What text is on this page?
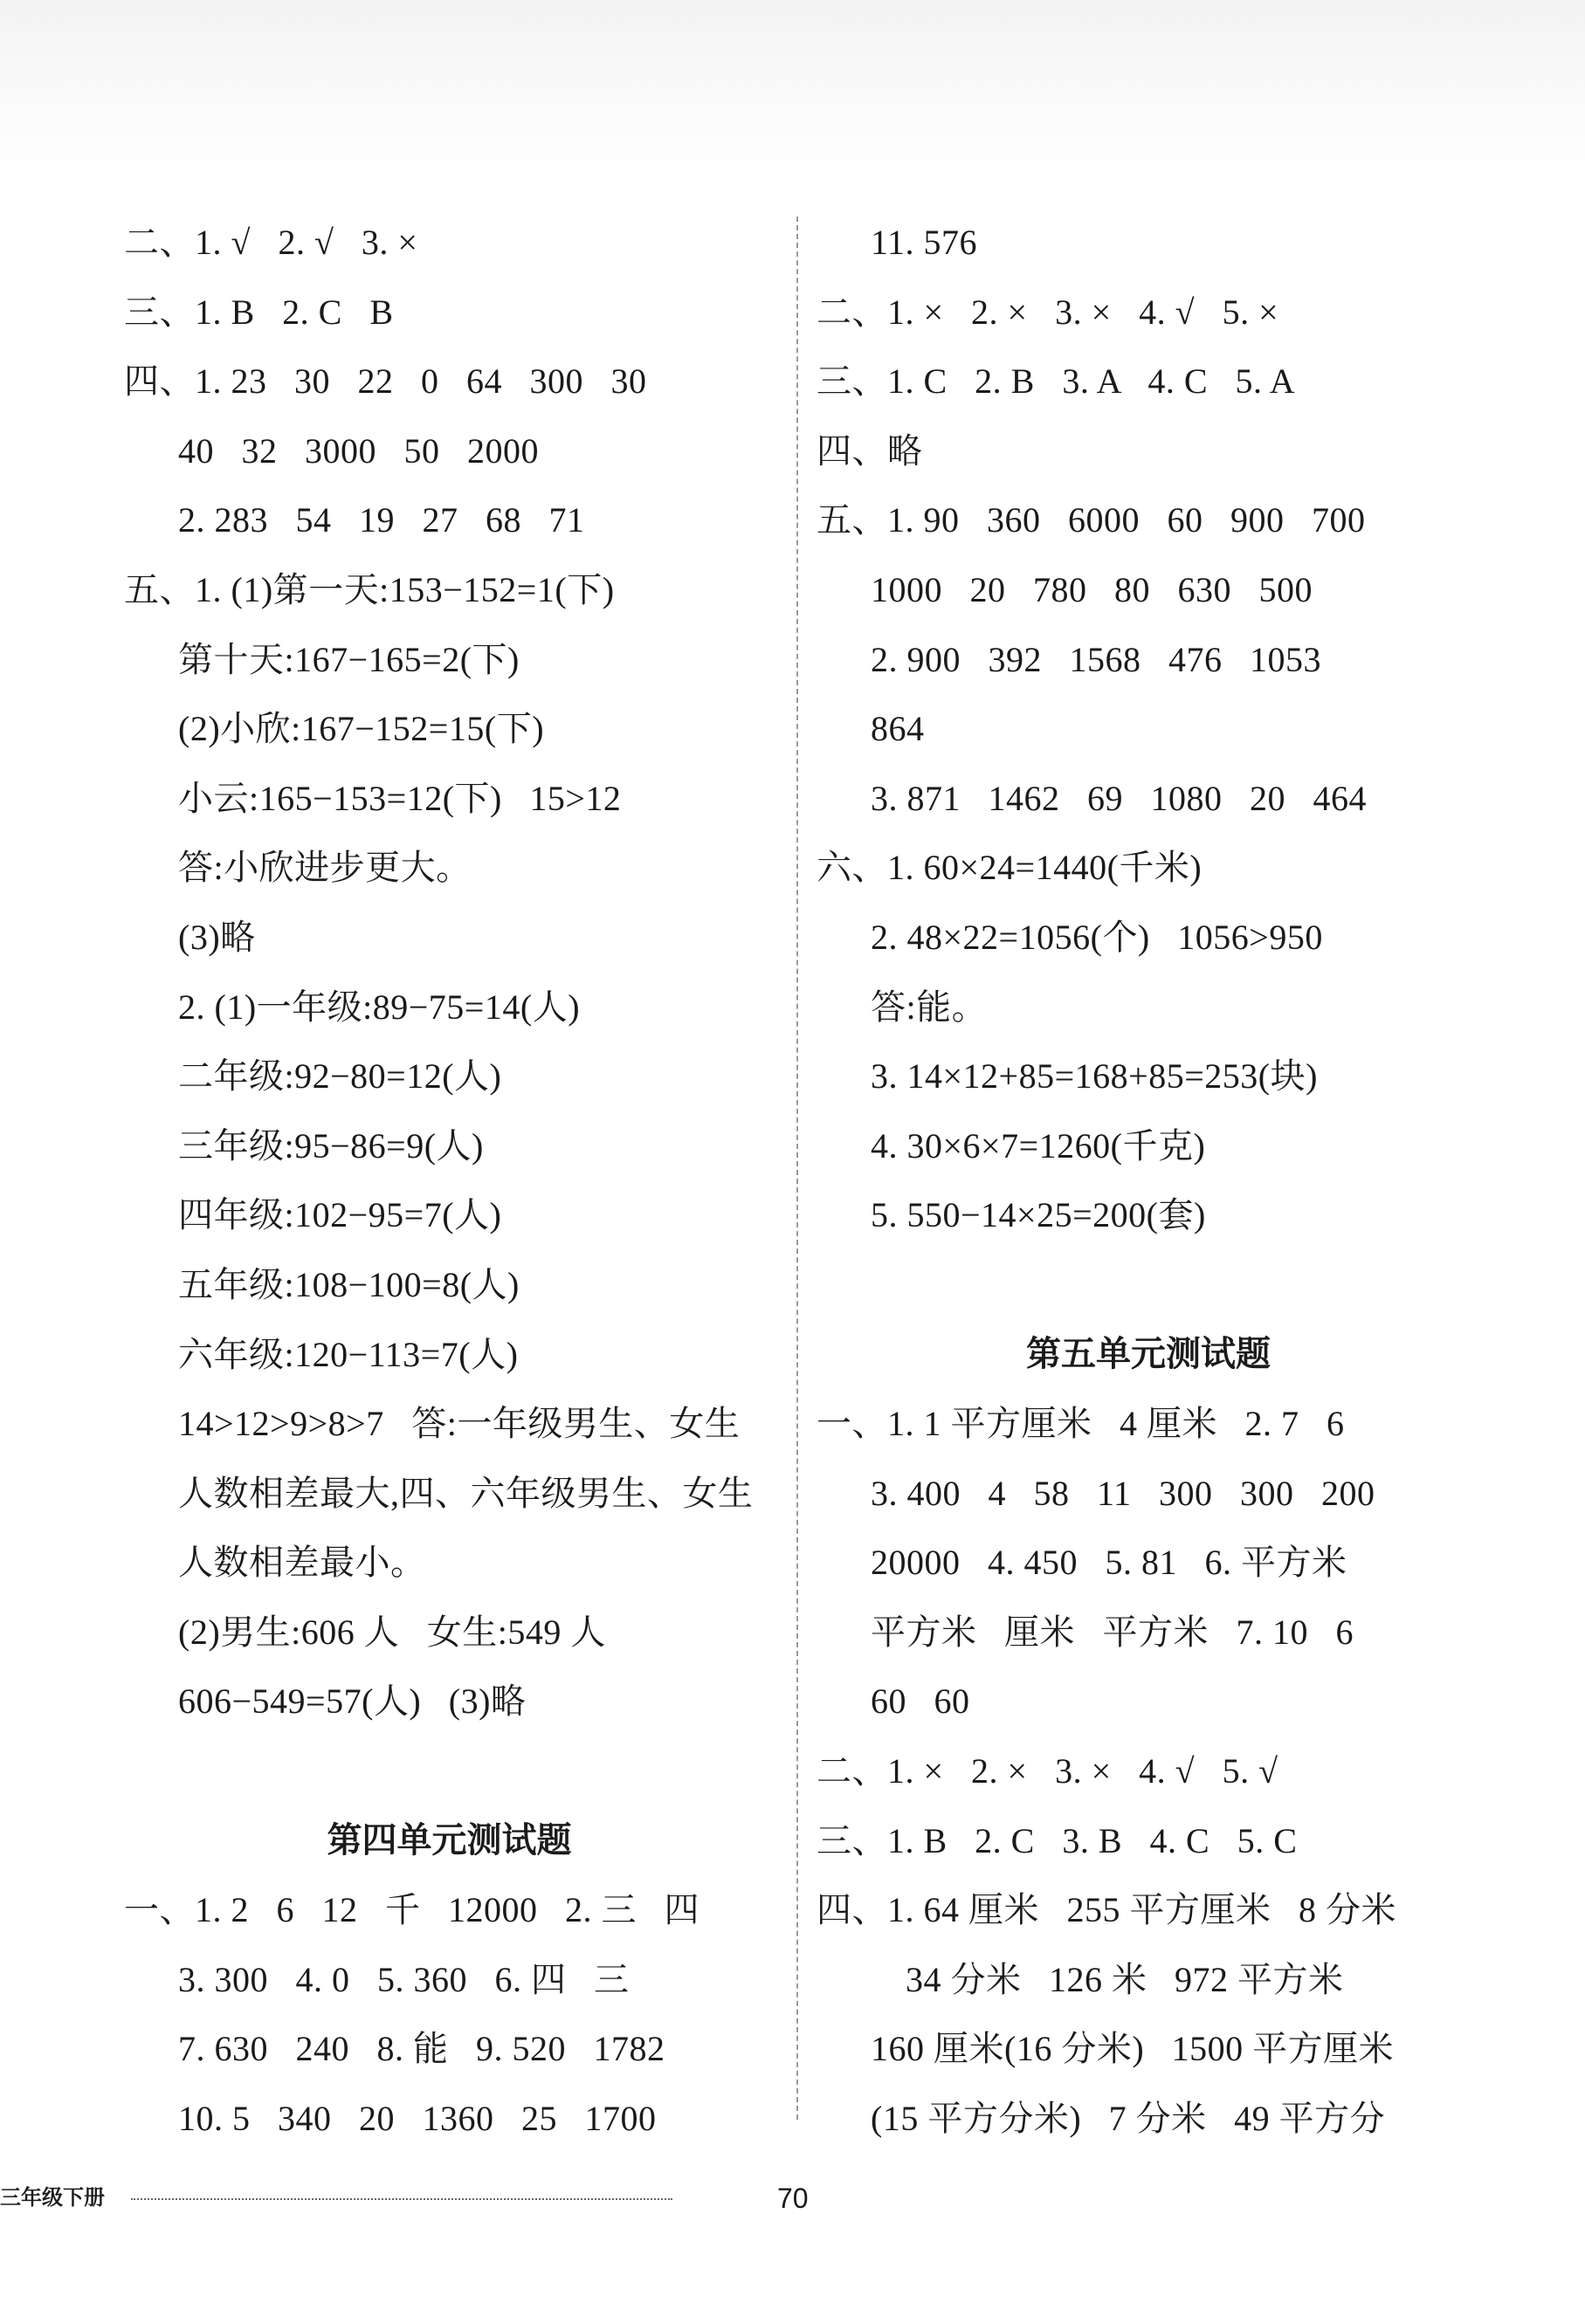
二、1. √   2. √   3. ×
三、1. B   2. C   B
四、1. 23   30   22   0   64   300   30
40   32   3000   50   2000
2. 283   54   19   27   68   71
五、1. (1)第一天:153−152=1(下)
第十天:167−165=2(下)
(2)小欣:167−152=15(下)
小云:165−153=12(下)   15>12
答:小欣进步更大。
(3)略
2. (1)一年级:89−75=14(人)
二年级:92−80=12(人)
三年级:95−86=9(人)
四年级:102−95=7(人)
五年级:108−100=8(人)
六年级:120−113=7(人)
14>12>9>8>7   答:一年级男生、女生
人数相差最大,四、六年级男生、女生
人数相差最小。
(2)男生:606 人   女生:549 人
606−549=57(人)   (3)略
第四单元测试题
一、1. 2   6   12   千   12000   2. 三   四
3. 300   4. 0   5. 360   6. 四   三
7. 630   240   8. 能   9. 520   1782
10. 5   340   20   1360   25   1700
11. 576
二、1. ×   2. ×   3. ×   4. √   5. ×
三、1. C   2. B   3. A   4. C   5. A
四、略
五、1. 90   360   6000   60   900   700
1000   20   780   80   630   500
2. 900   392   1568   476   1053
864
3. 871   1462   69   1080   20   464
六、1. 60×24=1440(千米)
2. 48×22=1056(个)   1056>950
答:能。
3. 14×12+85=168+85=253(块)
4. 30×6×7=1260(千克)
5. 550−14×25=200(套)
第五单元测试题
一、1. 1 平方厘米   4 厘米   2. 7   6
3. 400   4   58   11   300   300   200
20000   4. 450   5. 81   6. 平方米
平方米   厘米   平方米   7. 10   6
60   60
二、1. ×   2. ×   3. ×   4. √   5. √
三、1. B   2. C   3. B   4. C   5. C
四、1. 64 厘米   255 平方厘米   8 分米
34 分米   126 米   972 平方米
160 厘米(16 分米)   1500 平方厘米
(15 平方分米)   7 分米   49 平方分
三年级下册	70
